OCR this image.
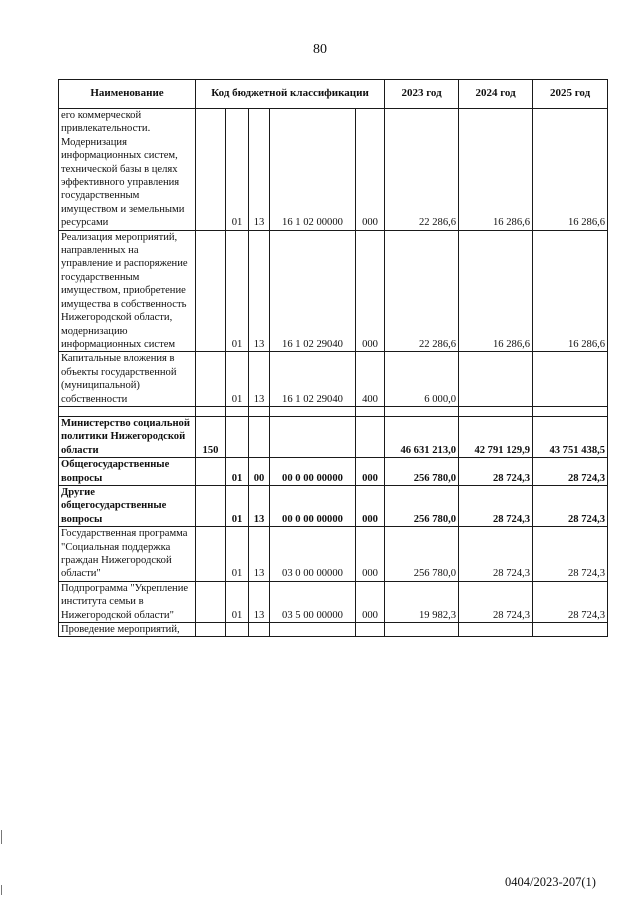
80
Наименование	Код бюджетной классификации					2023 год	2024 год	2025 год
его коммерческой привлекательности. Модернизация информационных систем, технической базы в целях эффективного управления государственным имуществом и земельными ресурсами		01	13	16 1 02 00000	000	22 286,6	16 286,6	16 286,6
Реализация мероприятий, направленных на управление и распоряжение государственным имуществом, приобретение имущества в собственность Нижегородской области, модернизацию информационных систем		01	13	16 1 02 29040	000	22 286,6	16 286,6	16 286,6
Капитальные вложения в объекты государственной (муниципальной) собственности		01	13	16 1 02 29040	400	6 000,0		

Министерство социальной политики Нижегородской области	150					46 631 213,0	42 791 129,9	43 751 438,5
Общегосударственные вопросы		01	00	00 0 00 00000	000	256 780,0	28 724,3	28 724,3
Другие общегосударственные вопросы		01	13	00 0 00 00000	000	256 780,0	28 724,3	28 724,3
Государственная программа "Социальная поддержка граждан Нижегородской области"		01	13	03 0 00 00000	000	256 780,0	28 724,3	28 724,3
Подпрограмма "Укрепление института семьи в Нижегородской области"		01	13	03 5 00 00000	000	19 982,3	28 724,3	28 724,3
Проведение мероприятий,								
0404/2023-207(1)
